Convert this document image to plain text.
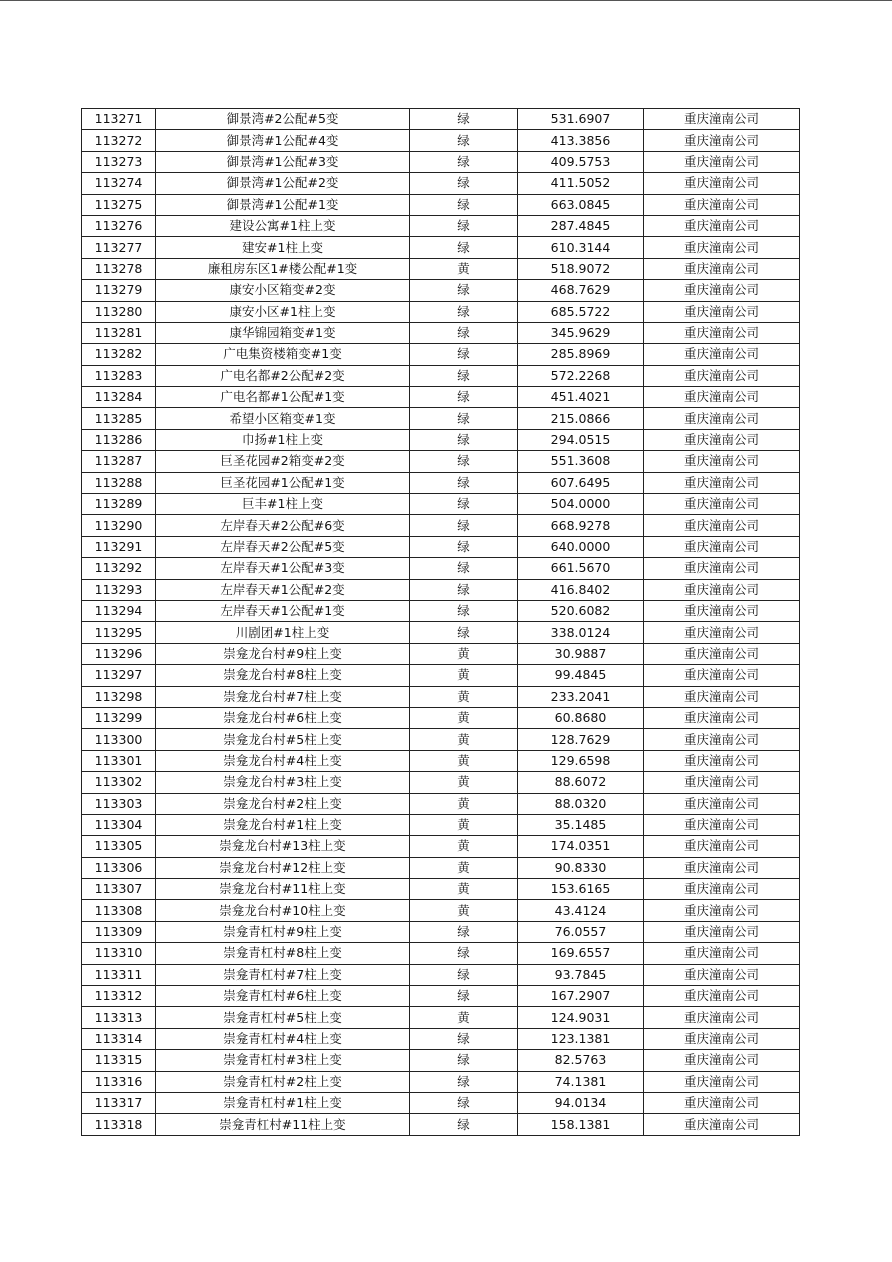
113271	御景湾#2公配#5变	绿	531.6907	重庆潼南公司
113272	御景湾#1公配#4变	绿	413.3856	重庆潼南公司
113273	御景湾#1公配#3变	绿	409.5753	重庆潼南公司
113274	御景湾#1公配#2变	绿	411.5052	重庆潼南公司
113275	御景湾#1公配#1变	绿	663.0845	重庆潼南公司
113276	建设公寓#1柱上变	绿	287.4845	重庆潼南公司
113277	建安#1柱上变	绿	610.3144	重庆潼南公司
113278	廉租房东区1#楼公配#1变	黄	518.9072	重庆潼南公司
113279	康安小区箱变#2变	绿	468.7629	重庆潼南公司
113280	康安小区#1柱上变	绿	685.5722	重庆潼南公司
113281	康华锦园箱变#1变	绿	345.9629	重庆潼南公司
113282	广电集资楼箱变#1变	绿	285.8969	重庆潼南公司
113283	广电名都#2公配#2变	绿	572.2268	重庆潼南公司
113284	广电名都#1公配#1变	绿	451.4021	重庆潼南公司
113285	希望小区箱变#1变	绿	215.0866	重庆潼南公司
113286	巾扬#1柱上变	绿	294.0515	重庆潼南公司
113287	巨圣花园#2箱变#2变	绿	551.3608	重庆潼南公司
113288	巨圣花园#1公配#1变	绿	607.6495	重庆潼南公司
113289	巨丰#1柱上变	绿	504.0000	重庆潼南公司
113290	左岸春天#2公配#6变	绿	668.9278	重庆潼南公司
113291	左岸春天#2公配#5变	绿	640.0000	重庆潼南公司
113292	左岸春天#1公配#3变	绿	661.5670	重庆潼南公司
113293	左岸春天#1公配#2变	绿	416.8402	重庆潼南公司
113294	左岸春天#1公配#1变	绿	520.6082	重庆潼南公司
113295	川剧团#1柱上变	绿	338.0124	重庆潼南公司
113296	崇龛龙台村#9柱上变	黄	30.9887	重庆潼南公司
113297	崇龛龙台村#8柱上变	黄	99.4845	重庆潼南公司
113298	崇龛龙台村#7柱上变	黄	233.2041	重庆潼南公司
113299	崇龛龙台村#6柱上变	黄	60.8680	重庆潼南公司
113300	崇龛龙台村#5柱上变	黄	128.7629	重庆潼南公司
113301	崇龛龙台村#4柱上变	黄	129.6598	重庆潼南公司
113302	崇龛龙台村#3柱上变	黄	88.6072	重庆潼南公司
113303	崇龛龙台村#2柱上变	黄	88.0320	重庆潼南公司
113304	崇龛龙台村#1柱上变	黄	35.1485	重庆潼南公司
113305	崇龛龙台村#13柱上变	黄	174.0351	重庆潼南公司
113306	崇龛龙台村#12柱上变	黄	90.8330	重庆潼南公司
113307	崇龛龙台村#11柱上变	黄	153.6165	重庆潼南公司
113308	崇龛龙台村#10柱上变	黄	43.4124	重庆潼南公司
113309	崇龛青杠村#9柱上变	绿	76.0557	重庆潼南公司
113310	崇龛青杠村#8柱上变	绿	169.6557	重庆潼南公司
113311	崇龛青杠村#7柱上变	绿	93.7845	重庆潼南公司
113312	崇龛青杠村#6柱上变	绿	167.2907	重庆潼南公司
113313	崇龛青杠村#5柱上变	黄	124.9031	重庆潼南公司
113314	崇龛青杠村#4柱上变	绿	123.1381	重庆潼南公司
113315	崇龛青杠村#3柱上变	绿	82.5763	重庆潼南公司
113316	崇龛青杠村#2柱上变	绿	74.1381	重庆潼南公司
113317	崇龛青杠村#1柱上变	绿	94.0134	重庆潼南公司
113318	崇龛青杠村#11柱上变	绿	158.1381	重庆潼南公司
